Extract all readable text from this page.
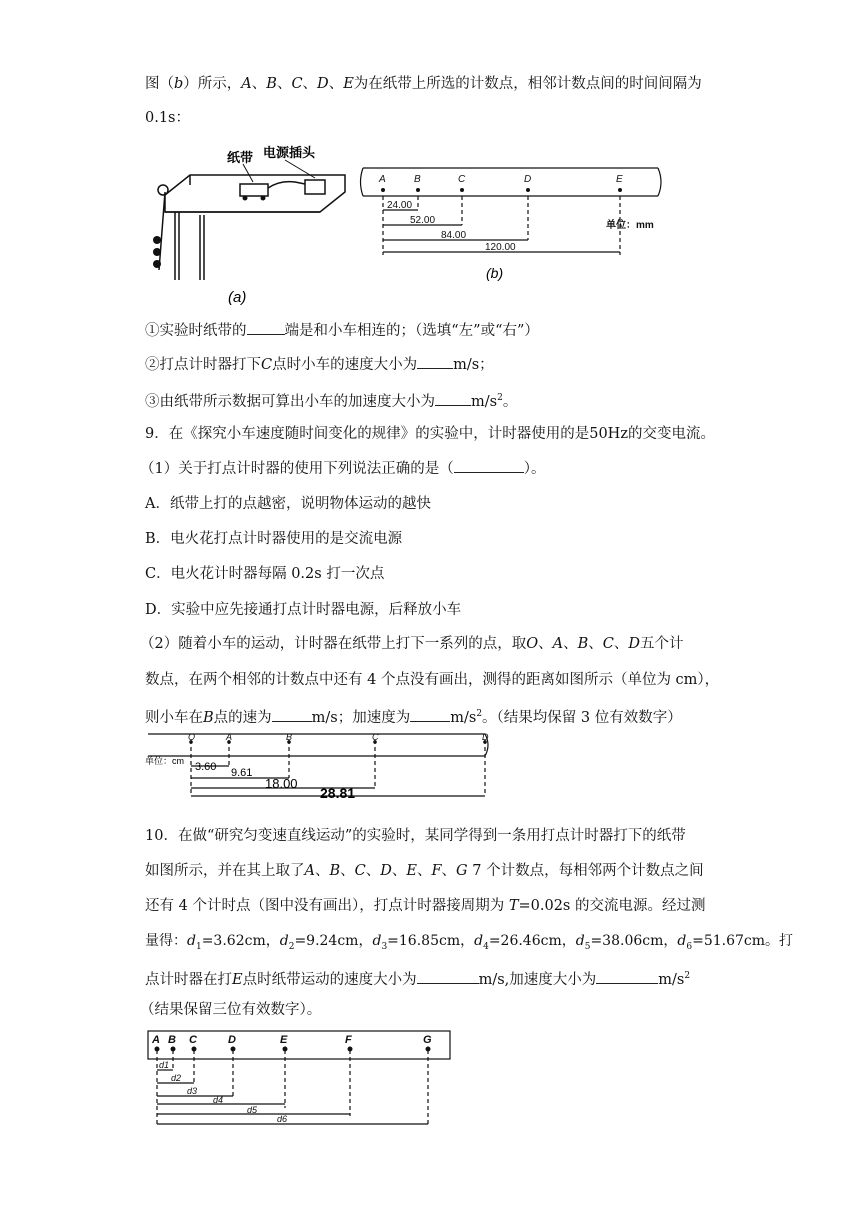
图（b）所示，A、B、C、D、E为在纸带上所选的计数点，相邻计数点间的时间间隔为
0.1s：
纸带 电源插头
(a)
A	B	C	D	E
24.00
52.00
84.00
120.00
单位：mm
(b)
①实验时纸带的	端是和小车相连的；（选填“左”或“右”）
②打点计时器打下C点时小车的速度大小为 m/s；
③由纸带所示数据可算出小车的加速度大小为 $m/s^2$。
9．在《探究小车速度随时间变化的规律》的实验中，计时器使用的是50Hz的交变电流。
（1）关于打点计时器的使用下列说法正确的是（	）。
A．纸带上打的点越密，说明物体运动的越快
B．电火花打点计时器使用的是交流电源
C．电火花计时器每隔 0.2s 打一次点
D．实验中应先接通打点计时器电源，后释放小车
（2）随着小车的运动，计时器在纸带上打下一系列的点，取O、A、B、C、D五个计
数点，在两个相邻的计数点中还有 4 个点没有画出，测得的距离如图所示（单位为 cm），
则小车在B点的速为	m/s；加速度为	$m/s^2$。（结果均保留 3 位有效数字）
O	A	B	C	D
单位：cm 3.60 9.61
18.00
28.81
10．在做“研究匀变速直线运动”的实验时，某同学得到一条用打点计时器打下的纸带
如图所示，并在其上取了A、B、C、D、E、F、G 7 个计数点，每相邻两个计数点之间
还有 4 个计时点（图中没有画出），打点计时器接周期为 T=0.02s 的交流电源。经过测
量得：$d_1=3.62cm$，$d_2=9.24cm$，$d_3=16.85cm$，$d_4=26.46cm$，$d_5=38.06cm$，$d_6=51.67cm$。打
点计时器在打E点时纸带运动的速度大小为	m/s,加速度大小为	$m/s^2$
（结果保留三位有效数字）。
A B C	D	E	F	G
d1
d2
d3
d4
d5
d6
